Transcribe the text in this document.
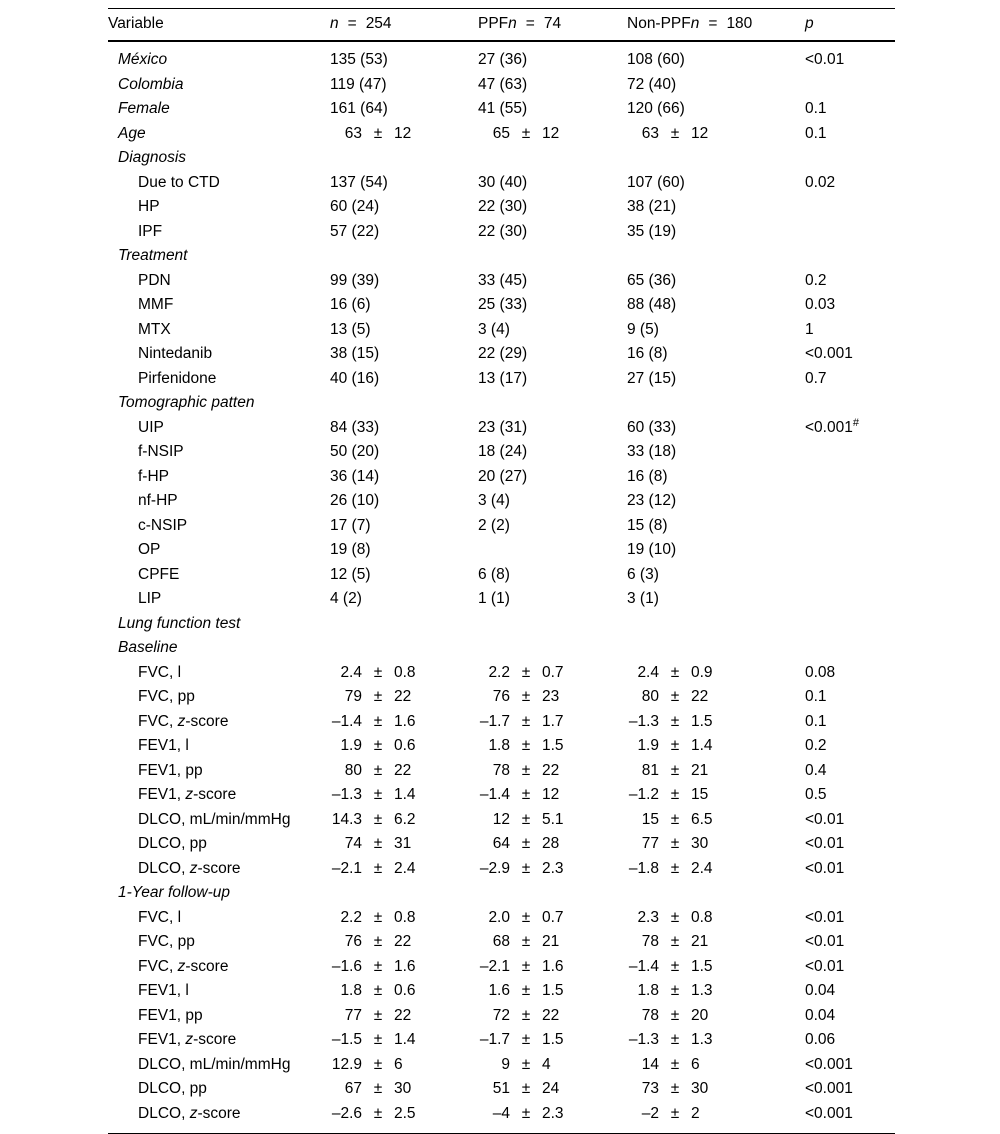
Variable	n = 254	PPFn = 74	Non-PPFn = 180	p
México	135 (53)	27 (36)	108 (60)	<0.01
Colombia	119 (47)	47 (63)	72 (40)	
Female	161 (64)	41 (55)	120 (66)	0.1
Age	63 ± 12	65 ± 12	63 ± 12	0.1
Diagnosis				
Due to CTD	137 (54)	30 (40)	107 (60)	0.02
HP	60 (24)	22 (30)	38 (21)	
IPF	57 (22)	22 (30)	35 (19)	
Treatment				
PDN	99 (39)	33 (45)	65 (36)	0.2
MMF	16 (6)	25 (33)	88 (48)	0.03
MTX	13 (5)	3 (4)	9 (5)	1
Nintedanib	38 (15)	22 (29)	16 (8)	<0.001
Pirfenidone	40 (16)	13 (17)	27 (15)	0.7
Tomographic patten				
UIP	84 (33)	23 (31)	60 (33)	<0.001#
f-NSIP	50 (20)	18 (24)	33 (18)	
f-HP	36 (14)	20 (27)	16 (8)	
nf-HP	26 (10)	3 (4)	23 (12)	
c-NSIP	17 (7)	2 (2)	15 (8)	
OP	19 (8)		19 (10)	
CPFE	12 (5)	6 (8)	6 (3)	
LIP	4 (2)	1 (1)	3 (1)	
Lung function test				
Baseline				
FVC, l	2.4 ± 0.8	2.2 ± 0.7	2.4 ± 0.9	0.08
FVC, pp	79 ± 22	76 ± 23	80 ± 22	0.1
FVC, z-score	–1.4 ± 1.6	–1.7 ± 1.7	–1.3 ± 1.5	0.1
FEV1, l	1.9 ± 0.6	1.8 ± 1.5	1.9 ± 1.4	0.2
FEV1, pp	80 ± 22	78 ± 22	81 ± 21	0.4
FEV1, z-score	–1.3 ± 1.4	–1.4 ± 12	–1.2 ± 15	0.5
DLCO, mL/min/mmHg	14.3 ± 6.2	12 ± 5.1	15 ± 6.5	<0.01
DLCO, pp	74 ± 31	64 ± 28	77 ± 30	<0.01
DLCO, z-score	–2.1 ± 2.4	–2.9 ± 2.3	–1.8 ± 2.4	<0.01
1-Year follow-up				
FVC, l	2.2 ± 0.8	2.0 ± 0.7	2.3 ± 0.8	<0.01
FVC, pp	76 ± 22	68 ± 21	78 ± 21	<0.01
FVC, z-score	–1.6 ± 1.6	–2.1 ± 1.6	–1.4 ± 1.5	<0.01
FEV1, l	1.8 ± 0.6	1.6 ± 1.5	1.8 ± 1.3	0.04
FEV1, pp	77 ± 22	72 ± 22	78 ± 20	0.04
FEV1, z-score	–1.5 ± 1.4	–1.7 ± 1.5	–1.3 ± 1.3	0.06
DLCO, mL/min/mmHg	12.9 ± 6	9 ± 4	14 ± 6	<0.001
DLCO, pp	67 ± 30	51 ± 24	73 ± 30	<0.001
DLCO, z-score	–2.6 ± 2.5	–4 ± 2.3	–2 ± 2	<0.001
